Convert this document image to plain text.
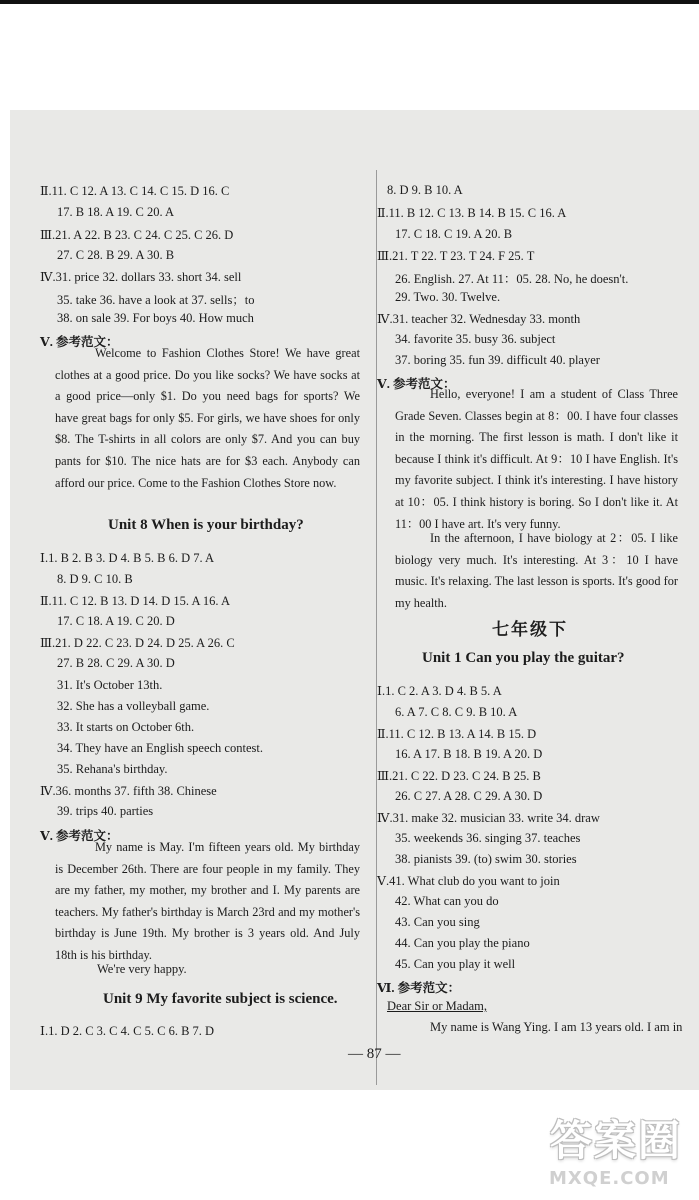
Ⅱ.11. C 12. A 13. C 14. C 15. D 16. C
17. B 18. A 19. C 20. A
Ⅲ.21. A 22. B 23. C 24. C 25. C 26. D
27. C 28. B 29. A 30. B
Ⅳ.31. price 32. dollars 33. short 34. sell
35. take 36. have a look at 37. sells；to
38. on sale 39. For boys 40. How much
Ⅴ. 参考范文：
Welcome to Fashion Clothes Store! We have great clothes at a good price. Do you like socks? We have socks at a good price—only $1. Do you need bags for sports? We have great bags for only $5. For girls, we have shoes for only $8. The T-shirts in all colors are only $7. And you can buy pants for $10. The nice hats are for $3 each. Anybody can afford our price. Come to the Fashion Clothes Store now.
Unit 8 When is your birthday?
Ⅰ.1. B 2. B 3. D 4. B 5. B 6. D 7. A
8. D 9. C 10. B
Ⅱ.11. C 12. B 13. D 14. D 15. A 16. A
17. C 18. A 19. C 20. D
Ⅲ.21. D 22. C 23. D 24. D 25. A 26. C
27. B 28. C 29. A 30. D
31. It's October 13th.
32. She has a volleyball game.
33. It starts on October 6th.
34. They have an English speech contest.
35. Rehana's birthday.
Ⅳ.36. months 37. fifth 38. Chinese
39. trips 40. parties
Ⅴ. 参考范文：
My name is May. I'm fifteen years old. My birthday is December 26th. There are four people in my family. They are my father, my mother, my brother and I. My parents are teachers. My father's birthday is March 23rd and my mother's birthday is June 19th. My brother is 3 years old. And July 18th is his birthday.
We're very happy.
Unit 9 My favorite subject is science.
Ⅰ.1. D 2. C 3. C 4. C 5. C 6. B 7. D
8. D 9. B 10. A
Ⅱ.11. B 12. C 13. B 14. B 15. C 16. A
17. C 18. C 19. A 20. B
Ⅲ.21. T 22. T 23. T 24. F 25. T
26. English. 27. At 11：05. 28. No, he doesn't.
29. Two. 30. Twelve.
Ⅳ.31. teacher 32. Wednesday 33. month
34. favorite 35. busy 36. subject
37. boring 35. fun 39. difficult 40. player
Ⅴ. 参考范文：
Hello, everyone! I am a student of Class Three Grade Seven. Classes begin at 8：00. I have four classes in the morning. The first lesson is math. I don't like it because I think it's difficult. At 9：10 I have English. It's my favorite subject. I think it's interesting. I have history at 10：05. I think history is boring. So I don't like it. At 11：00 I have art. It's very funny.
In the afternoon, I have biology at 2：05. I like biology very much. It's interesting. At 3：10 I have music. It's relaxing. The last lesson is sports. It's good for my health.
七年级下
Unit 1 Can you play the guitar?
Ⅰ.1. C 2. A 3. D 4. B 5. A
6. A 7. C 8. C 9. B 10. A
Ⅱ.11. C 12. B 13. A 14. B 15. D
16. A 17. B 18. B 19. A 20. D
Ⅲ.21. C 22. D 23. C 24. B 25. B
26. C 27. A 28. C 29. A 30. D
Ⅳ.31. make 32. musician 33. write 34. draw
35. weekends 36. singing 37. teaches
38. pianists 39. (to) swim 30. stories
Ⅴ.41. What club do you want to join
42. What can you do
43. Can you sing
44. Can you play the piano
45. Can you play it well
Ⅵ. 参考范文：
Dear Sir or Madam,
My name is Wang Ying. I am 13 years old. I am in
— 87 —
答案圈
MXQE.COM
